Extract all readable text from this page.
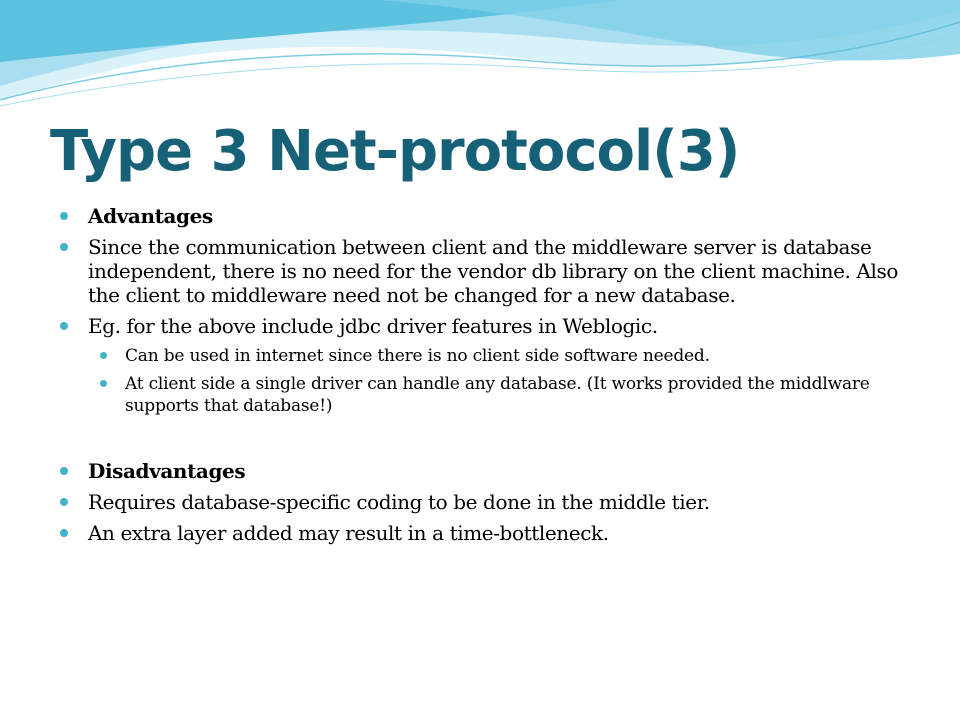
Type 3 Net-protocol(3)
Advantages
Since the communication between client and the middleware server is database independent, there is no need for the vendor db library on the client machine. Also the client to middleware need not be changed for a new database.
Eg. for the above include jdbc driver features in Weblogic.
Can be used in internet since there is no client side software needed.
At client side a single driver can handle any database. (It works provided the middlware supports that database!)
Disadvantages
Requires database-specific coding to be done in the middle tier.
An extra layer added may result in a time-bottleneck.
